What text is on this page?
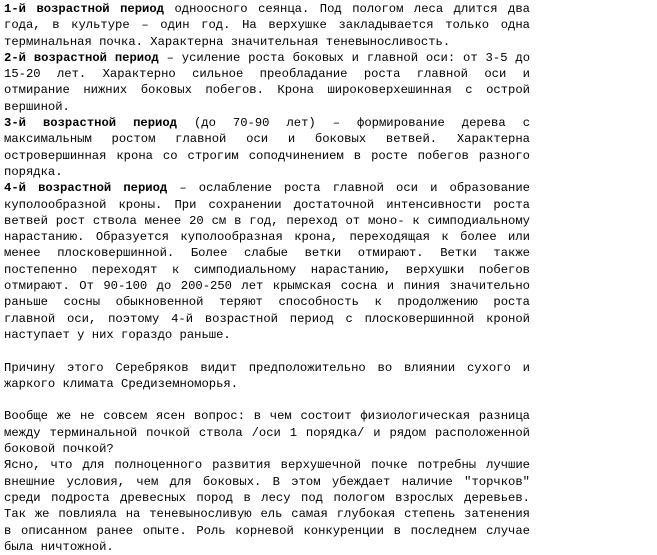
1-й возрастной период одноосного сеянца. Под пологом леса длится два года, в культуре – один год. На верхушке закладывается только одна терминальная почка. Характерна значительная теневыносливость.

2-й возрастной период – усиление роста боковых и главной оси: от 3-5 до 15-20 лет. Характерно сильное преобладание роста главной оси и отмирание нижних боковых побегов. Крона широковерхешинная с острой вершиной.

3-й возрастной период (до 70-90 лет) – формирование дерева с максимальным ростом главной оси и боковых ветвей. Характерна островершинная крона со строгим соподчинением в росте побегов разного порядка.

4-й возрастной период – ослабление роста главной оси и образование куполообразной кроны. При сохранении достаточной интенсивности роста ветвей рост ствола менее 20 см в год, переход от моно- к симподиальному нарастанию. Образуется куполообразная крона, переходящая к более или менее плосковершинной. Более слабые ветки отмирают. Ветки также постепенно переходят к симподиальному нарастанию, верхушки побегов отмирают. От 90-100 до 200-250 лет крымская сосна и пиния значительно раньше сосны обыкновенной теряют способность к продолжению роста главной оси, поэтому 4-й возрастной период с плосковершинной кроной наступает у них гораздо раньше.

Причину этого Серебряков видит предположительно во влиянии сухого и жаркого климата Средиземноморья.

Вообще же не совсем ясен вопрос: в чем состоит физиологическая разница между терминальной почкой ствола /оси 1 порядка/ и рядом расположенной боковой почкой?

Ясно, что для полноценного развития верхушечной почке потребны лучшие внешние условия, чем для боковых. В этом убеждает наличие "торчков" среди подроста древесных пород в лесу под пологом взрослых деревьев. Так же повлияла на теневыносливую ель самая глубокая степень затенения в описанном ранее опыте. Роль корневой конкуренции в последнем случае была ничтожной.
